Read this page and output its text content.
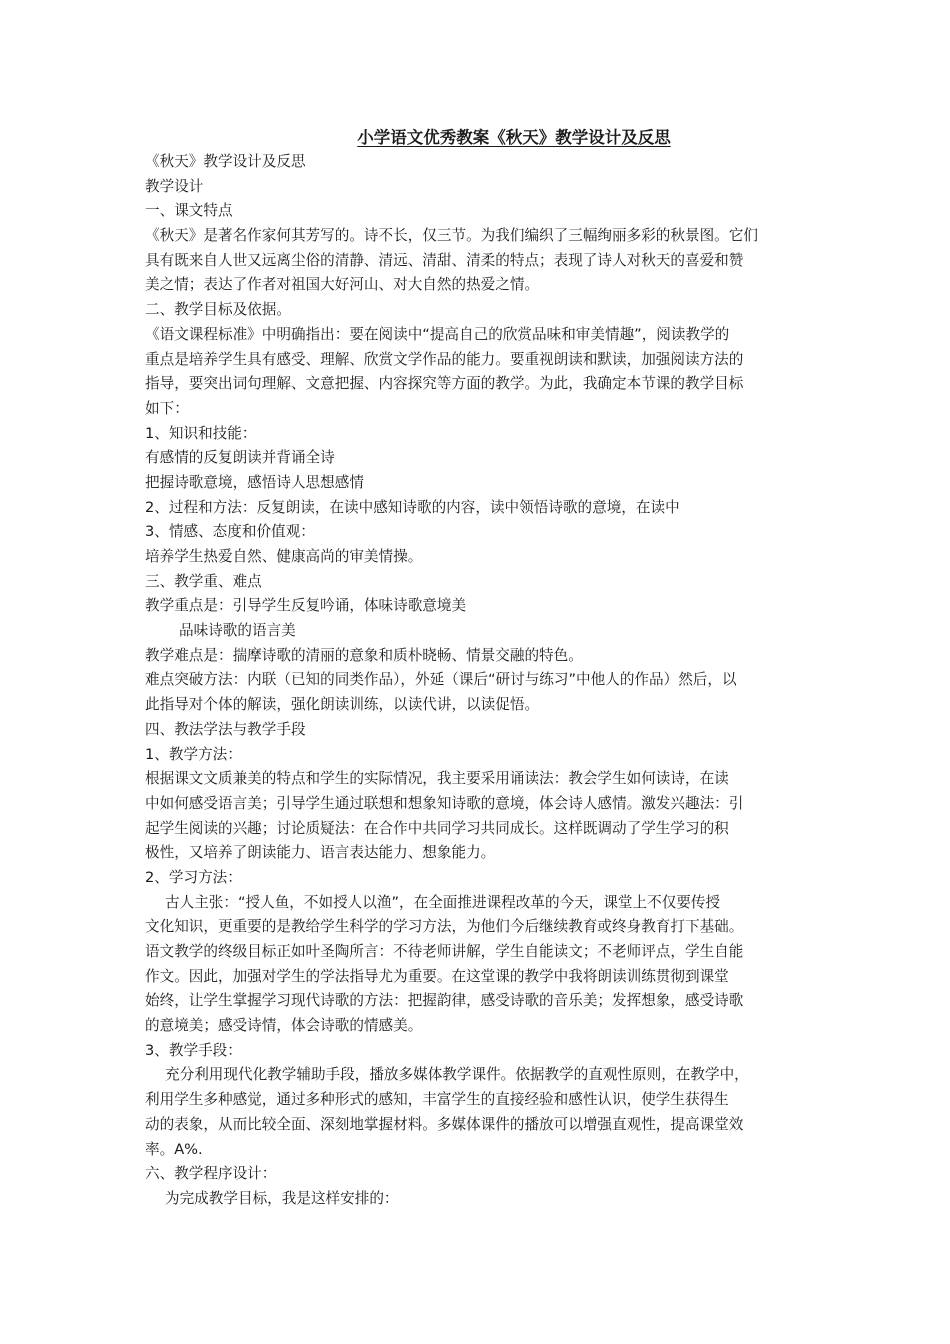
小学语文优秀教案《秋天》教学设计及反思
《秋天》教学设计及反思
教学设计
一、课文特点
《秋天》是著名作家何其芳写的。诗不长，仅三节。为我们编织了三幅绚丽多彩的秋景图。它们
具有既来自人世又远离尘俗的清静、清远、清甜、清柔的特点；表现了诗人对秋天的喜爱和赞
美之情；表达了作者对祖国大好河山、对大自然的热爱之情。
二、教学目标及依据。
《语文课程标准》中明确指出：要在阅读中“提高自己的欣赏品味和审美情趣”，阅读教学的
重点是培养学生具有感受、理解、欣赏文学作品的能力。要重视朗读和默读，加强阅读方法的
指导，要突出词句理解、文意把握、内容探究等方面的教学。为此，我确定本节课的教学目标
如下：
1、知识和技能：
有感情的反复朗读并背诵全诗
把握诗歌意境，感悟诗人思想感情
2、过程和方法：反复朗读，在读中感知诗歌的内容，读中领悟诗歌的意境，在读中
3、情感、态度和价值观：
培养学生热爱自然、健康高尚的审美情操。
三、教学重、难点
教学重点是：引导学生反复吟诵，体味诗歌意境美
品味诗歌的语言美
教学难点是：揣摩诗歌的清丽的意象和质朴晓畅、情景交融的特色。
难点突破方法：内联（已知的同类作品），外延（课后“研讨与练习”中他人的作品）然后，以
此指导对个体的解读，强化朗读训练，以读代讲，以读促悟。
四、教法学法与教学手段
1、教学方法：
根据课文文质兼美的特点和学生的实际情况，我主要采用诵读法：教会学生如何读诗，在读
中如何感受语言美；引导学生通过联想和想象知诗歌的意境，体会诗人感情。激发兴趣法：引
起学生阅读的兴趣；讨论质疑法：在合作中共同学习共同成长。这样既调动了学生学习的积
极性，又培养了朗读能力、语言表达能力、想象能力。
2、学习方法：
古人主张：“授人鱼，不如授人以渔”，在全面推进课程改革的今天，课堂上不仅要传授
文化知识，更重要的是教给学生科学的学习方法，为他们今后继续教育或终身教育打下基础。
语文教学的终级目标正如叶圣陶所言：不待老师讲解，学生自能读文；不老师评点，学生自能
作文。因此，加强对学生的学法指导尤为重要。在这堂课的教学中我将朗读训练贯彻到课堂
始终，让学生掌握学习现代诗歌的方法：把握韵律，感受诗歌的音乐美；发挥想象，感受诗歌
的意境美；感受诗情，体会诗歌的情感美。
3、教学手段：
充分利用现代化教学辅助手段，播放多媒体教学课件。依据教学的直观性原则，在教学中，
利用学生多种感觉，通过多种形式的感知，丰富学生的直接经验和感性认识，使学生获得生
动的表象，从而比较全面、深刻地掌握材料。多媒体课件的播放可以增强直观性，提高课堂效
率。A%.
六、教学程序设计：
为完成教学目标，我是这样安排的：
